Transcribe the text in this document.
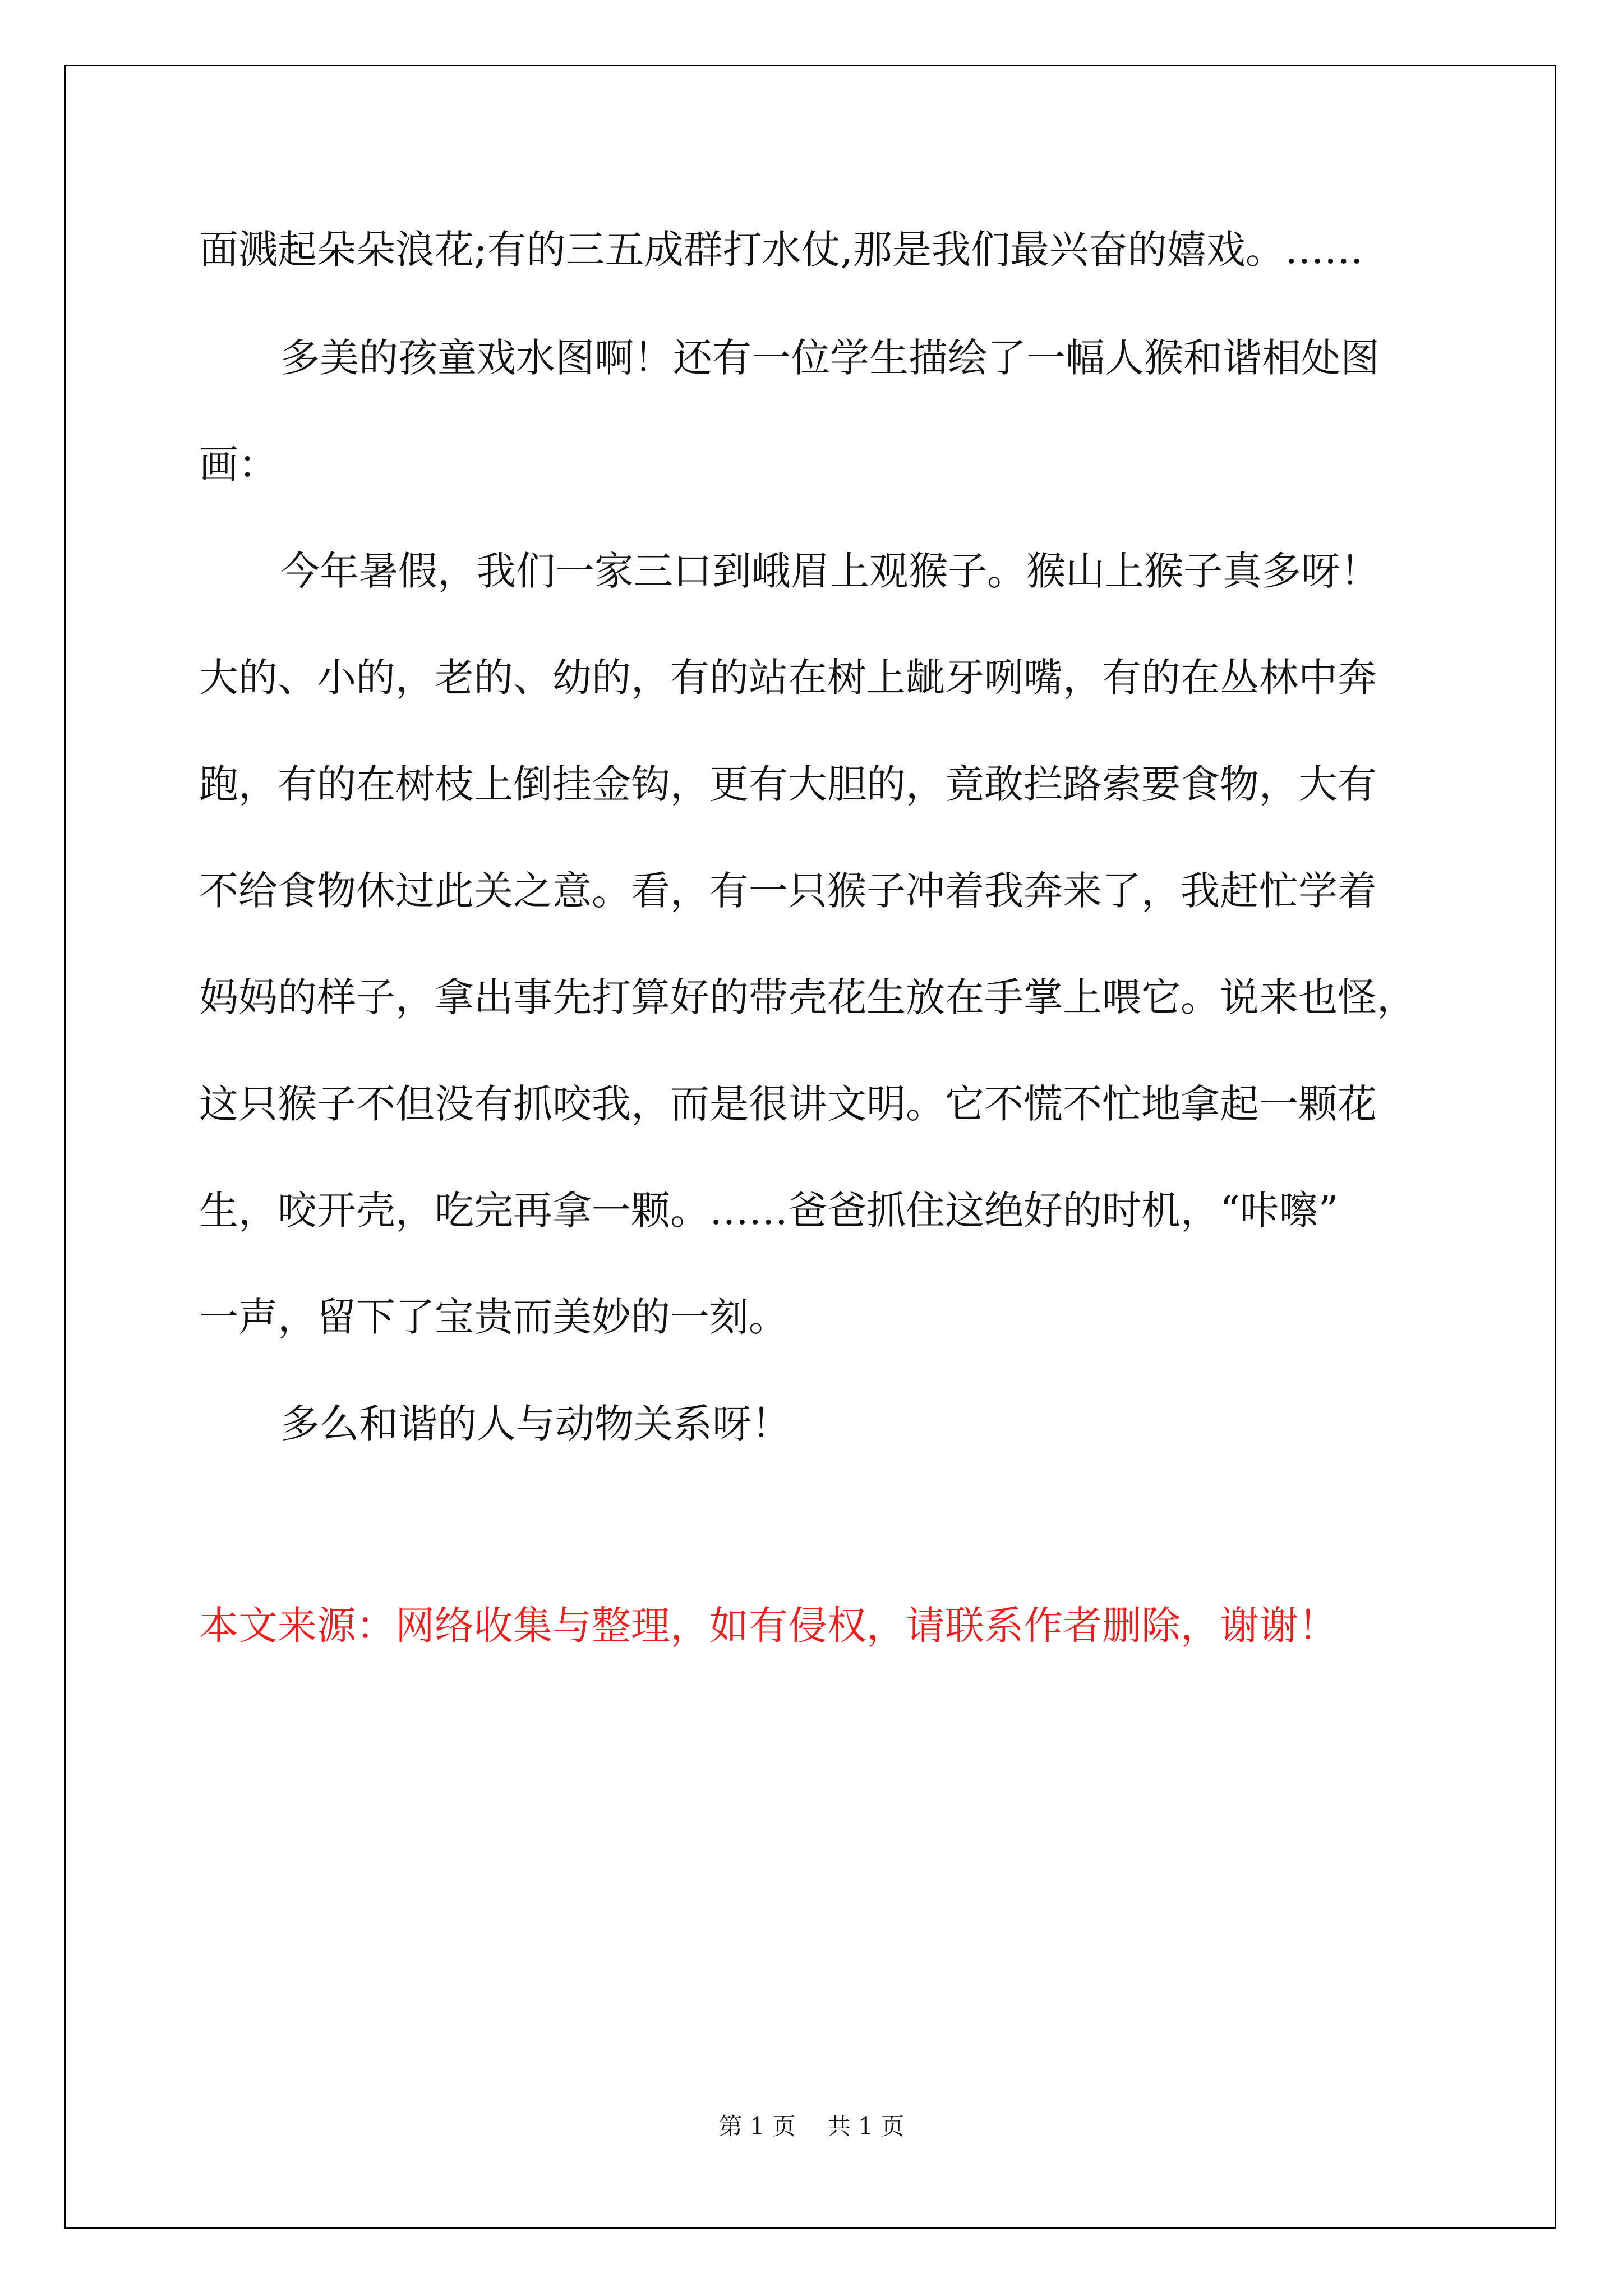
面溅起朵朵浪花;有的三五成群打水仗,那是我们最兴奋的嬉戏。……
多美的孩童戏水图啊！还有一位学生描绘了一幅人猴和谐相处图
画：
今年暑假，我们一家三口到峨眉上观猴子。猴山上猴子真多呀！
大的、小的，老的、幼的，有的站在树上龇牙咧嘴，有的在丛林中奔
跑，有的在树枝上倒挂金钩，更有大胆的，竟敢拦路索要食物，大有
不给食物休过此关之意。看，有一只猴子冲着我奔来了，我赶忙学着
妈妈的样子，拿出事先打算好的带壳花生放在手掌上喂它。说来也怪，
这只猴子不但没有抓咬我，而是很讲文明。它不慌不忙地拿起一颗花
生，咬开壳，吃完再拿一颗。……爸爸抓住这绝好的时机，“咔嚓”
一声，留下了宝贵而美妙的一刻。
多么和谐的人与动物关系呀！
本文来源：网络收集与整理，如有侵权，请联系作者删除，谢谢！
第 1 页 共 1 页
